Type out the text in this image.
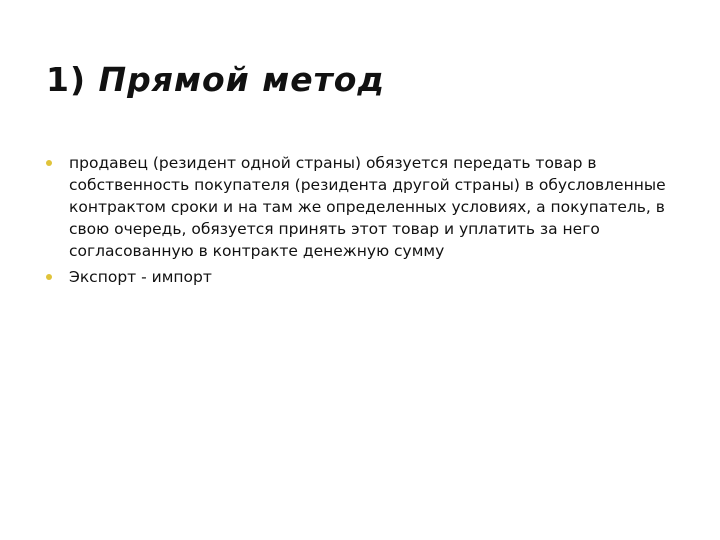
1) Прямой метод
продавец (резидент одной страны) обязуется передать товар в собственность покупателя (резидента другой страны) в обусловленные контрактом сроки и на там же определенных условиях, а покупатель, в свою очередь, обязуется принять этот товар и уплатить за него согласованную в контракте денежную сумму
Экспорт - импорт
